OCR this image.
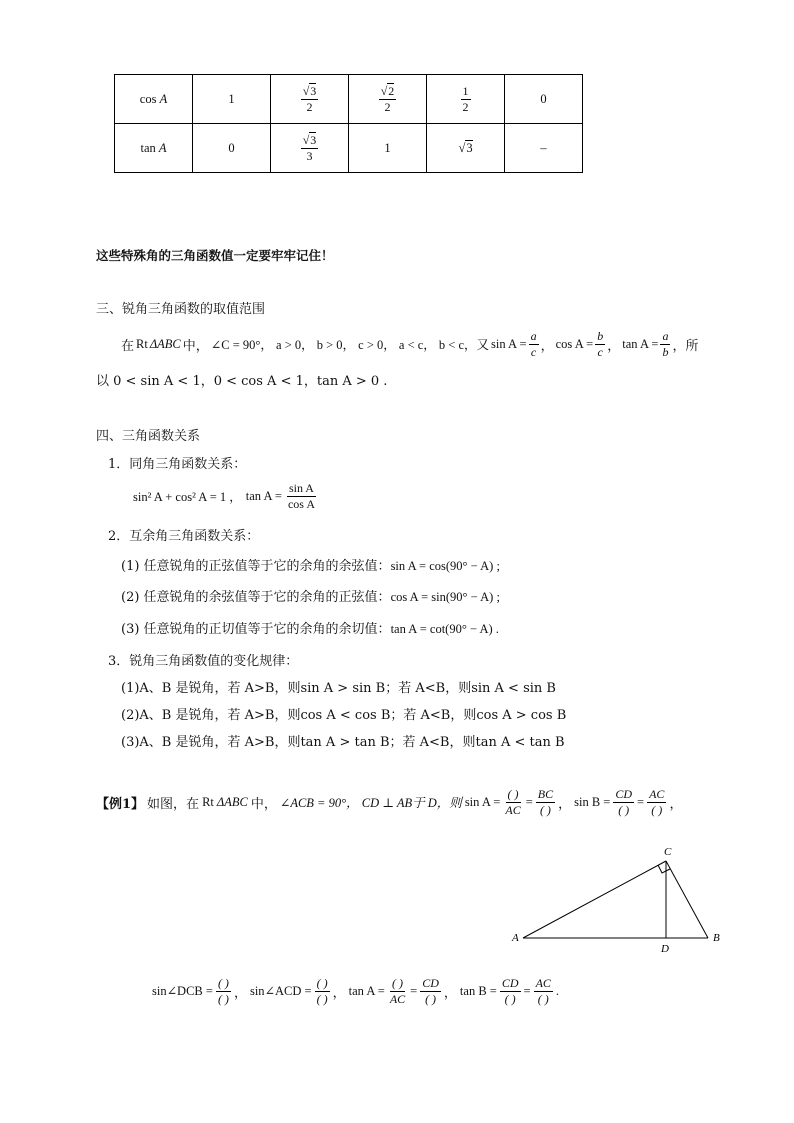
cos A	1	$\frac{√3}{2}$	$\frac{√2}{2}$	$\frac{1}{2}$	0
tan A	0	$\frac{√3}{3}$	1	√3	–
这些特殊角的三角函数值一定要牢牢记住！
三、锐角三角函数的取值范围
在 Rt ΔABC 中， ∠C = 90°， a > 0， b > 0， c > 0， a < c， b < c，又 $\sin A = \frac{a}{c}$ ， $\cos A = \frac{b}{c}$ ， $\tan A = \frac{a}{b}$ ，所
以 0 < sin A < 1，0 < cos A < 1，tan A > 0 .
四、三角函数关系
1．同角三角函数关系：
sin² A + cos² A = 1 ， $\tan A = \frac{\text{sin A}}{\text{cos A}}$
2．互余角三角函数关系：
(1) 任意锐角的正弦值等于它的余角的余弦值：sin A = cos(90° − A) ;
(2) 任意锐角的余弦值等于它的余角的正弦值：cos A = sin(90° − A) ;
(3) 任意锐角的正切值等于它的余角的余切值：tan A = cot(90° − A) .
3．锐角三角函数值的变化规律：
(1)A、B 是锐角，若 A>B，则sin A > sin B；若 A<B，则sin A < sin B
(2)A、B 是锐角，若 A>B，则cos A < cos B；若 A<B，则cos A > cos B
(3)A、B 是锐角，若 A>B，则tan A > tan B；若 A<B，则tan A < tan B
【例1】 如图，在 Rt ΔABC 中， ∠ACB = 90°， CD ⊥ AB于 D，则 $\sin A = \frac{( )}{AC} = \frac{BC}{( )}$ ， $\sin B = \frac{CD}{( )} = \frac{AC}{( )}$ ，
A	B
C
D
sin∠DCB = $\frac{( )}{( )}$ ， sin∠ACD = $\frac{( )}{( )}$ ， $\tan A = \frac{( )}{AC} = \frac{CD}{( )}$ ， $\tan B = \frac{CD}{( )} = \frac{AC}{( )}$ .
